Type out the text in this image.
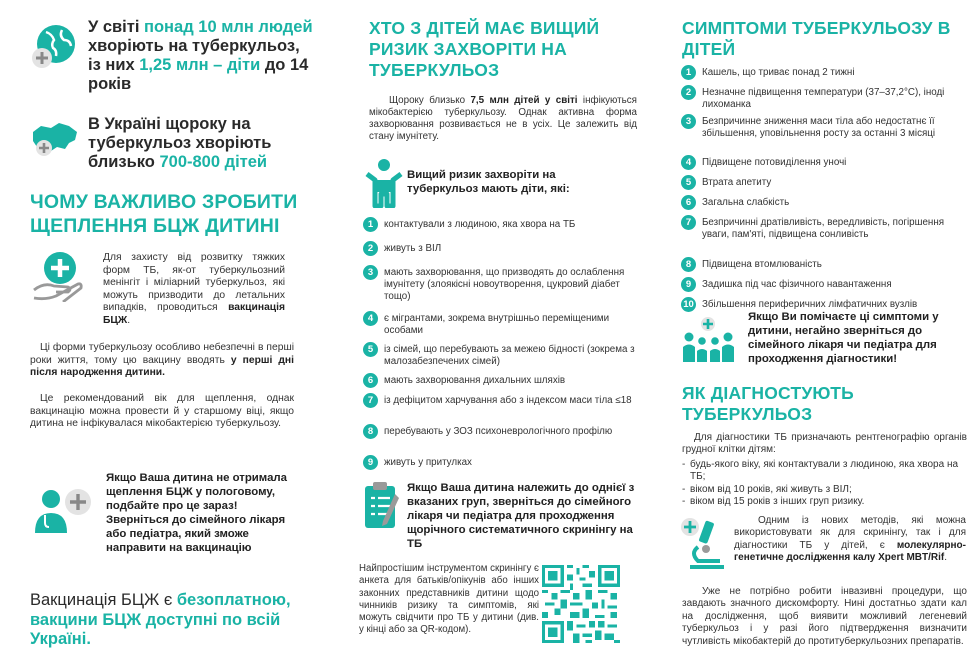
У світі понад 10 млн людей хворіють на туберкульоз, із них 1,25 млн – діти до 14 років
В Україні щороку на туберкульоз хворіють близько 700-800 дітей
ЧОМУ ВАЖЛИВО ЗРОБИТИ ЩЕПЛЕННЯ БЦЖ ДИТИНІ
Для захисту від розвитку тяжких форм ТБ, як-от туберкульозний менінгіт і міліарний туберкульоз, які можуть призводити до летальних випадків, проводиться вакцинація БЦЖ.
Ці форми туберкульозу особливо небезпечні в перші роки життя, тому цю вакцину вводять у перші дні після народження дитини.
Це рекомендований вік для щеплення, однак вакцинацію можна провести й у старшому віці, якщо дитина не інфікувалася мікобактерією туберкульозу.
Якщо Ваша дитина не отримала щеплення БЦЖ у пологовому, подбайте про це зараз! Зверніться до сімейного лікаря або педіатра, який зможе направити на вакцинацію
Вакцинація БЦЖ є безоплатною, вакцини БЦЖ доступні по всій Україні.
ХТО З ДІТЕЙ МАЄ ВИЩИЙ РИЗИК ЗАХВОРІТИ НА ТУБЕРКУЛЬОЗ
Щороку близько 7,5 млн дітей у світі інфікуються мікобактерією туберкульозу. Однак активна форма захворювання розвивається не в усіх. Це залежить від стану імунітету.
Вищий ризик захворіти на туберкульоз мають діти, які:
1	контактували з людиною, яка хвора на ТБ
2	живуть з ВІЛ
3	мають захворювання, що призводять до ослаблення імунітету (злоякісні новоутворення, цукровий діабет тощо)
4	є мігрантами, зокрема внутрішньо переміщеними особами
5	із сімей, що перебувають за межею бідності (зокрема з малозабезпечених сімей)
6	мають захворювання дихальних шляхів
7	із дефіцитом харчування або з індексом маси тіла ≤18
8	перебувають у ЗОЗ психоневрологічного профілю
9	живуть у притулках
Якщо Ваша дитина належить до однієї з вказаних груп, зверніться до сімейного лікаря чи педіатра для проходження щорічного систематичного скринінгу на ТБ
Найпростішим інструментом скринінгу є анкета для батьків/опікунів або інших законних представників дитини щодо чинників ризику та симптомів, які можуть свідчити про ТБ у дитини (див. у кінці або за QR-кодом).
СИМПТОМИ ТУБЕРКУЛЬОЗУ В ДІТЕЙ
1	Кашель, що триває понад 2 тижні
2	Незначне підвищення температури (37–37,2°C), іноді лихоманка
3	Безпричинне зниження маси тіла або недостатнє її збільшення, уповільнення росту за останні 3 місяці
4	Підвищене потовиділення уночі
5	Втрата апетиту
6	Загальна слабкість
7	Безпричинні дратівливість, вередливість, погіршення уваги, пам'яті, підвищена сонливість
8	Підвищена втомлюваність
9	Задишка під час фізичного навантаження
10 Збільшення периферичних лімфатичних вузлів
Якщо Ви помічаєте ці симптоми у дитини, негайно зверніться до сімейного лікаря чи педіатра для проходження діагностики!
ЯК ДІАГНОСТУЮТЬ ТУБЕРКУЛЬОЗ
Для діагностики ТБ призначають рентгенографію органів грудної клітки дітям:
- будь-якого віку, які контактували з людиною, яка хвора на ТБ;
- віком від 10 років, які живуть з ВІЛ;
- віком від 15 років з інших груп ризику.
Одним із нових методів, які можна використовувати як для скринінгу, так і для діагностики ТБ у дітей, є молекулярно-генетичне дослідження калу Xpert MBT/Rif.
Уже не потрібно робити інвазивні процедури, що завдають значного дискомфорту. Нині достатньо здати кал на дослідження, щоб виявити можливий легеневий туберкульоз і у разі його підтвердження визначити чутливість мікобактерій до протитуберкульозних препаратів.
